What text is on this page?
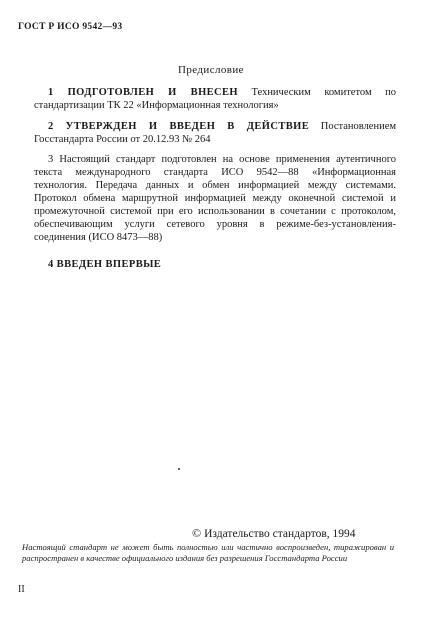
ГОСТ Р ИСО 9542—93
Предисловие
1 ПОДГОТОВЛЕН И ВНЕСЕН Техническим комитетом по стандартизации ТК 22 «Информационная технология»
2 УТВЕРЖДЕН И ВВЕДЕН В ДЕЙСТВИЕ Постановлением Госстандарта России от 20.12.93 № 264
3 Настоящий стандарт подготовлен на основе применения аутентичного текста международного стандарта ИСО 9542—88 «Информационная технология. Передача данных и обмен информацией между системами. Протокол обмена маршрутной информацией между оконечной системой и промежуточной системой при его использовании в сочетании с протоколом, обеспечивающим услуги сетевого уровня в режиме-без-установления-соединения (ИСО 8473—88)
4 ВВЕДЕН ВПЕРВЫЕ
© Издательство стандартов, 1994
Настоящий стандарт не может быть полностью или частично воспроизведен, тиражирован и распространен в качестве официального издания без разрешения Госстандарта России
II
